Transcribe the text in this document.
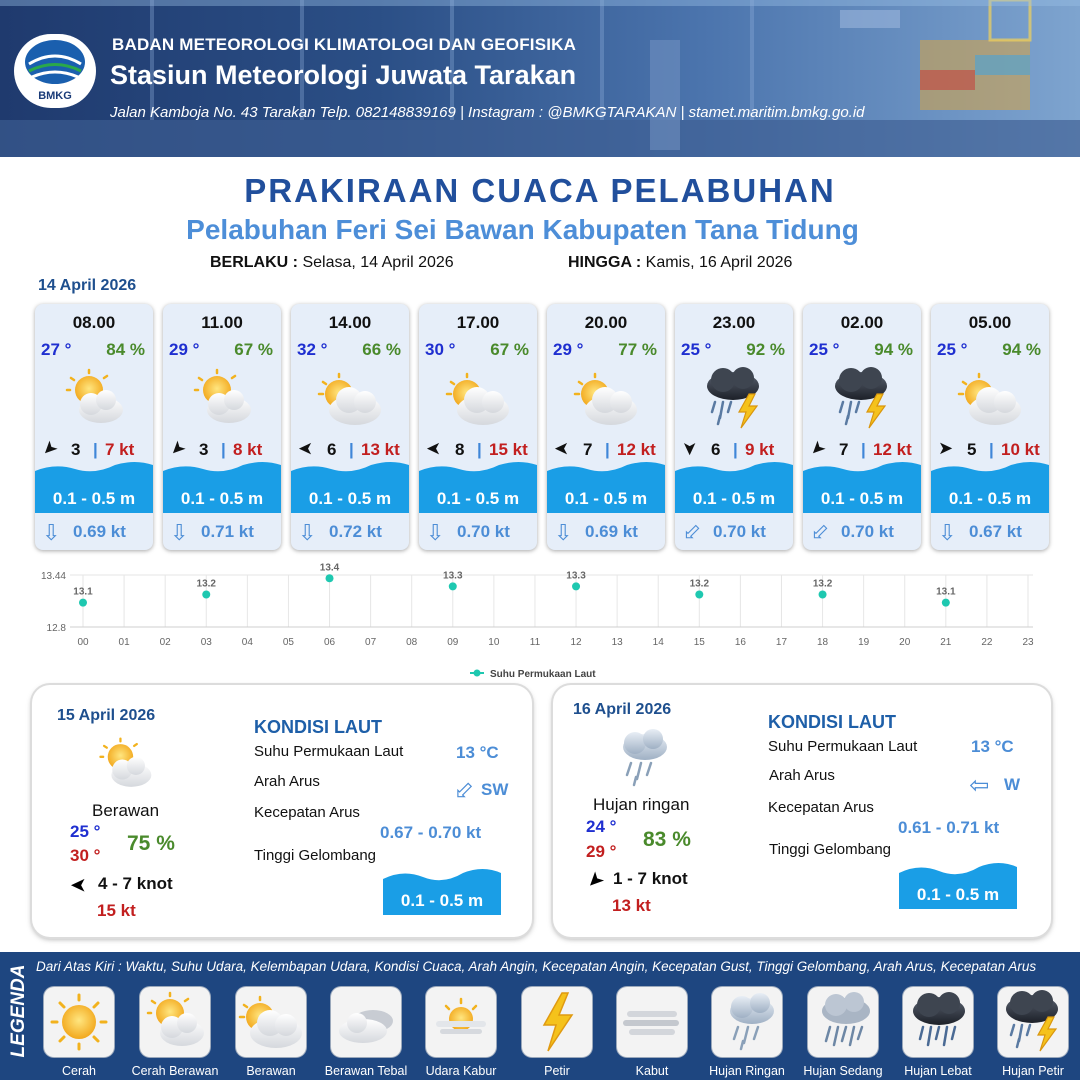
BMKG
BADAN METEOROLOGI KLIMATOLOGI DAN GEOFISIKA
Stasiun Meteorologi Juwata Tarakan
Jalan Kamboja No. 43 Tarakan Telp. 082148839169 | Instagram : @BMKGTARAKAN | stamet.maritim.bmkg.go.id
PRAKIRAAN CUACA PELABUHAN
Pelabuhan Feri Sei Bawan Kabupaten Tana Tidung
BERLAKU : Selasa, 14 April 2026	HINGGA : Kamis, 16 April 2026
14 April 2026
08.00
27 ° 84 %
➤ 3 | 7 kt
0.1 - 0.5 m
⇩ 0.69 kt
11.00
29 ° 67 %
➤ 3 | 8 kt
0.1 - 0.5 m
⇩ 0.71 kt
14.00
32 ° 66 %
➤ 6 | 13 kt
0.1 - 0.5 m
⇩ 0.72 kt
17.00
30 ° 67 %
➤ 8 | 15 kt
0.1 - 0.5 m
⇩ 0.70 kt
20.00
29 ° 77 %
➤ 7 | 12 kt
0.1 - 0.5 m
⇩ 0.69 kt
23.00
25 ° 92 %
➤ 6 | 9 kt
0.1 - 0.5 m
⇩ 0.70 kt
02.00
25 ° 94 %
➤ 7 | 12 kt
0.1 - 0.5 m
⇩ 0.70 kt
05.00
25 ° 94 %
➤ 5 | 10 kt
0.1 - 0.5 m
⇩ 0.67 kt
13.44
12.8
00	01	02	03	04	05	06	07	08	09	10	11	12	13	14	15	16	17	18	19	20	21	22	23
13.1
13.2
13.4
13.3	13.3
13.2	13.2
13.1
Suhu Permukaan Laut
15 April 2026
Berawan
25 °
30 °
75 %
➤ 4 - 7 knot
15 kt
KONDISI LAUT
Suhu Permukaan Laut	13 °C
Arah Arus	⇩ SW
Kecepatan Arus
0.67 - 0.70 kt
Tinggi Gelombang
0.1 - 0.5 m
16 April 2026
Hujan ringan
24 °
29 °
83 %
➤ 1 - 7 knot
13 kt
KONDISI LAUT
Suhu Permukaan Laut	13 °C
Arah Arus	⇩ W
Kecepatan Arus
0.61 - 0.71 kt
Tinggi Gelombang
0.1 - 0.5 m
LEGENDA Dari Atas Kiri : Waktu, Suhu Udara, Kelembapan Udara, Kondisi Cuaca, Arah Angin, Kecepatan Angin, Kecepatan Gust, Tinggi Gelombang, Arah Arus, Kecepatan Arus
Cerah	Cerah Berawan	Berawan	Berawan Tebal	Udara Kabur	Petir	Kabut	Hujan Ringan	Hujan Sedang	Hujan Lebat	Hujan Petir
